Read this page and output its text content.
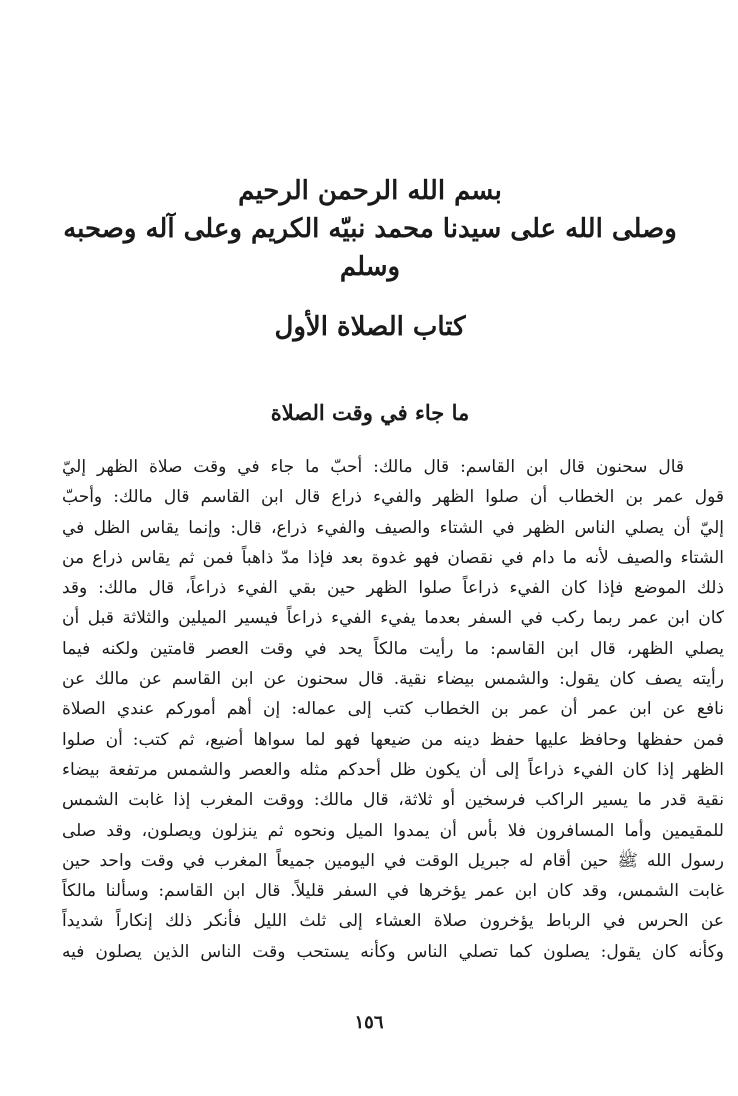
بسم الله الرحمن الرحيم
وصلى الله على سيدنا محمد نبيّه الكريم وعلى آله وصحبه وسلم
كتاب الصلاة الأول
ما جاء في وقت الصلاة
قال سحنون قال ابن القاسم: قال مالك: أحبّ ما جاء في وقت صلاة الظهر إليّ
قول عمر بن الخطاب أن صلوا الظهر والفيء ذراع قال ابن القاسم قال مالك: وأحبّ
إليّ أن يصلي الناس الظهر في الشتاء والصيف والفيء ذراع، قال: وإنما يقاس الظل في
الشتاء والصيف لأنه ما دام في نقصان فهو غدوة بعد فإذا مدّ ذاهباً فمن ثم يقاس ذراع من
ذلك الموضع فإذا كان الفيء ذراعاً صلوا الظهر حين بقي الفيء ذراعاً، قال مالك: وقد
كان ابن عمر ربما ركب في السفر بعدما يفيء الفيء ذراعاً فيسير الميلين والثلاثة قبل أن
يصلي الظهر، قال ابن القاسم: ما رأيت مالكاً يحد في وقت العصر قامتين ولكنه فيما
رأيته يصف كان يقول: والشمس بيضاء نقية. قال سحنون عن ابن القاسم عن مالك عن
نافع عن ابن عمر أن عمر بن الخطاب كتب إلى عماله: إن أهم أموركم عندي الصلاة
فمن حفظها وحافظ عليها حفظ دينه من ضيعها فهو لما سواها أضيع، ثم كتب: أن صلوا
الظهر إذا كان الفيء ذراعاً إلى أن يكون ظل أحدكم مثله والعصر والشمس مرتفعة بيضاء
نقية قدر ما يسير الراكب فرسخين أو ثلاثة، قال مالك: ووقت المغرب إذا غابت الشمس
للمقيمين وأما المسافرون فلا بأس أن يمدوا الميل ونحوه ثم ينزلون ويصلون، وقد صلى
رسول الله ﷺ حين أقام له جبريل الوقت في اليومين جميعاً المغرب في وقت واحد حين
غابت الشمس، وقد كان ابن عمر يؤخرها في السفر قليلاً. قال ابن القاسم: وسألنا مالكاً
عن الحرس في الرباط يؤخرون صلاة العشاء إلى ثلث الليل فأنكر ذلك إنكاراً شديداً
وكأنه كان يقول: يصلون كما تصلي الناس وكأنه يستحب وقت الناس الذين يصلون فيه
١٥٦
